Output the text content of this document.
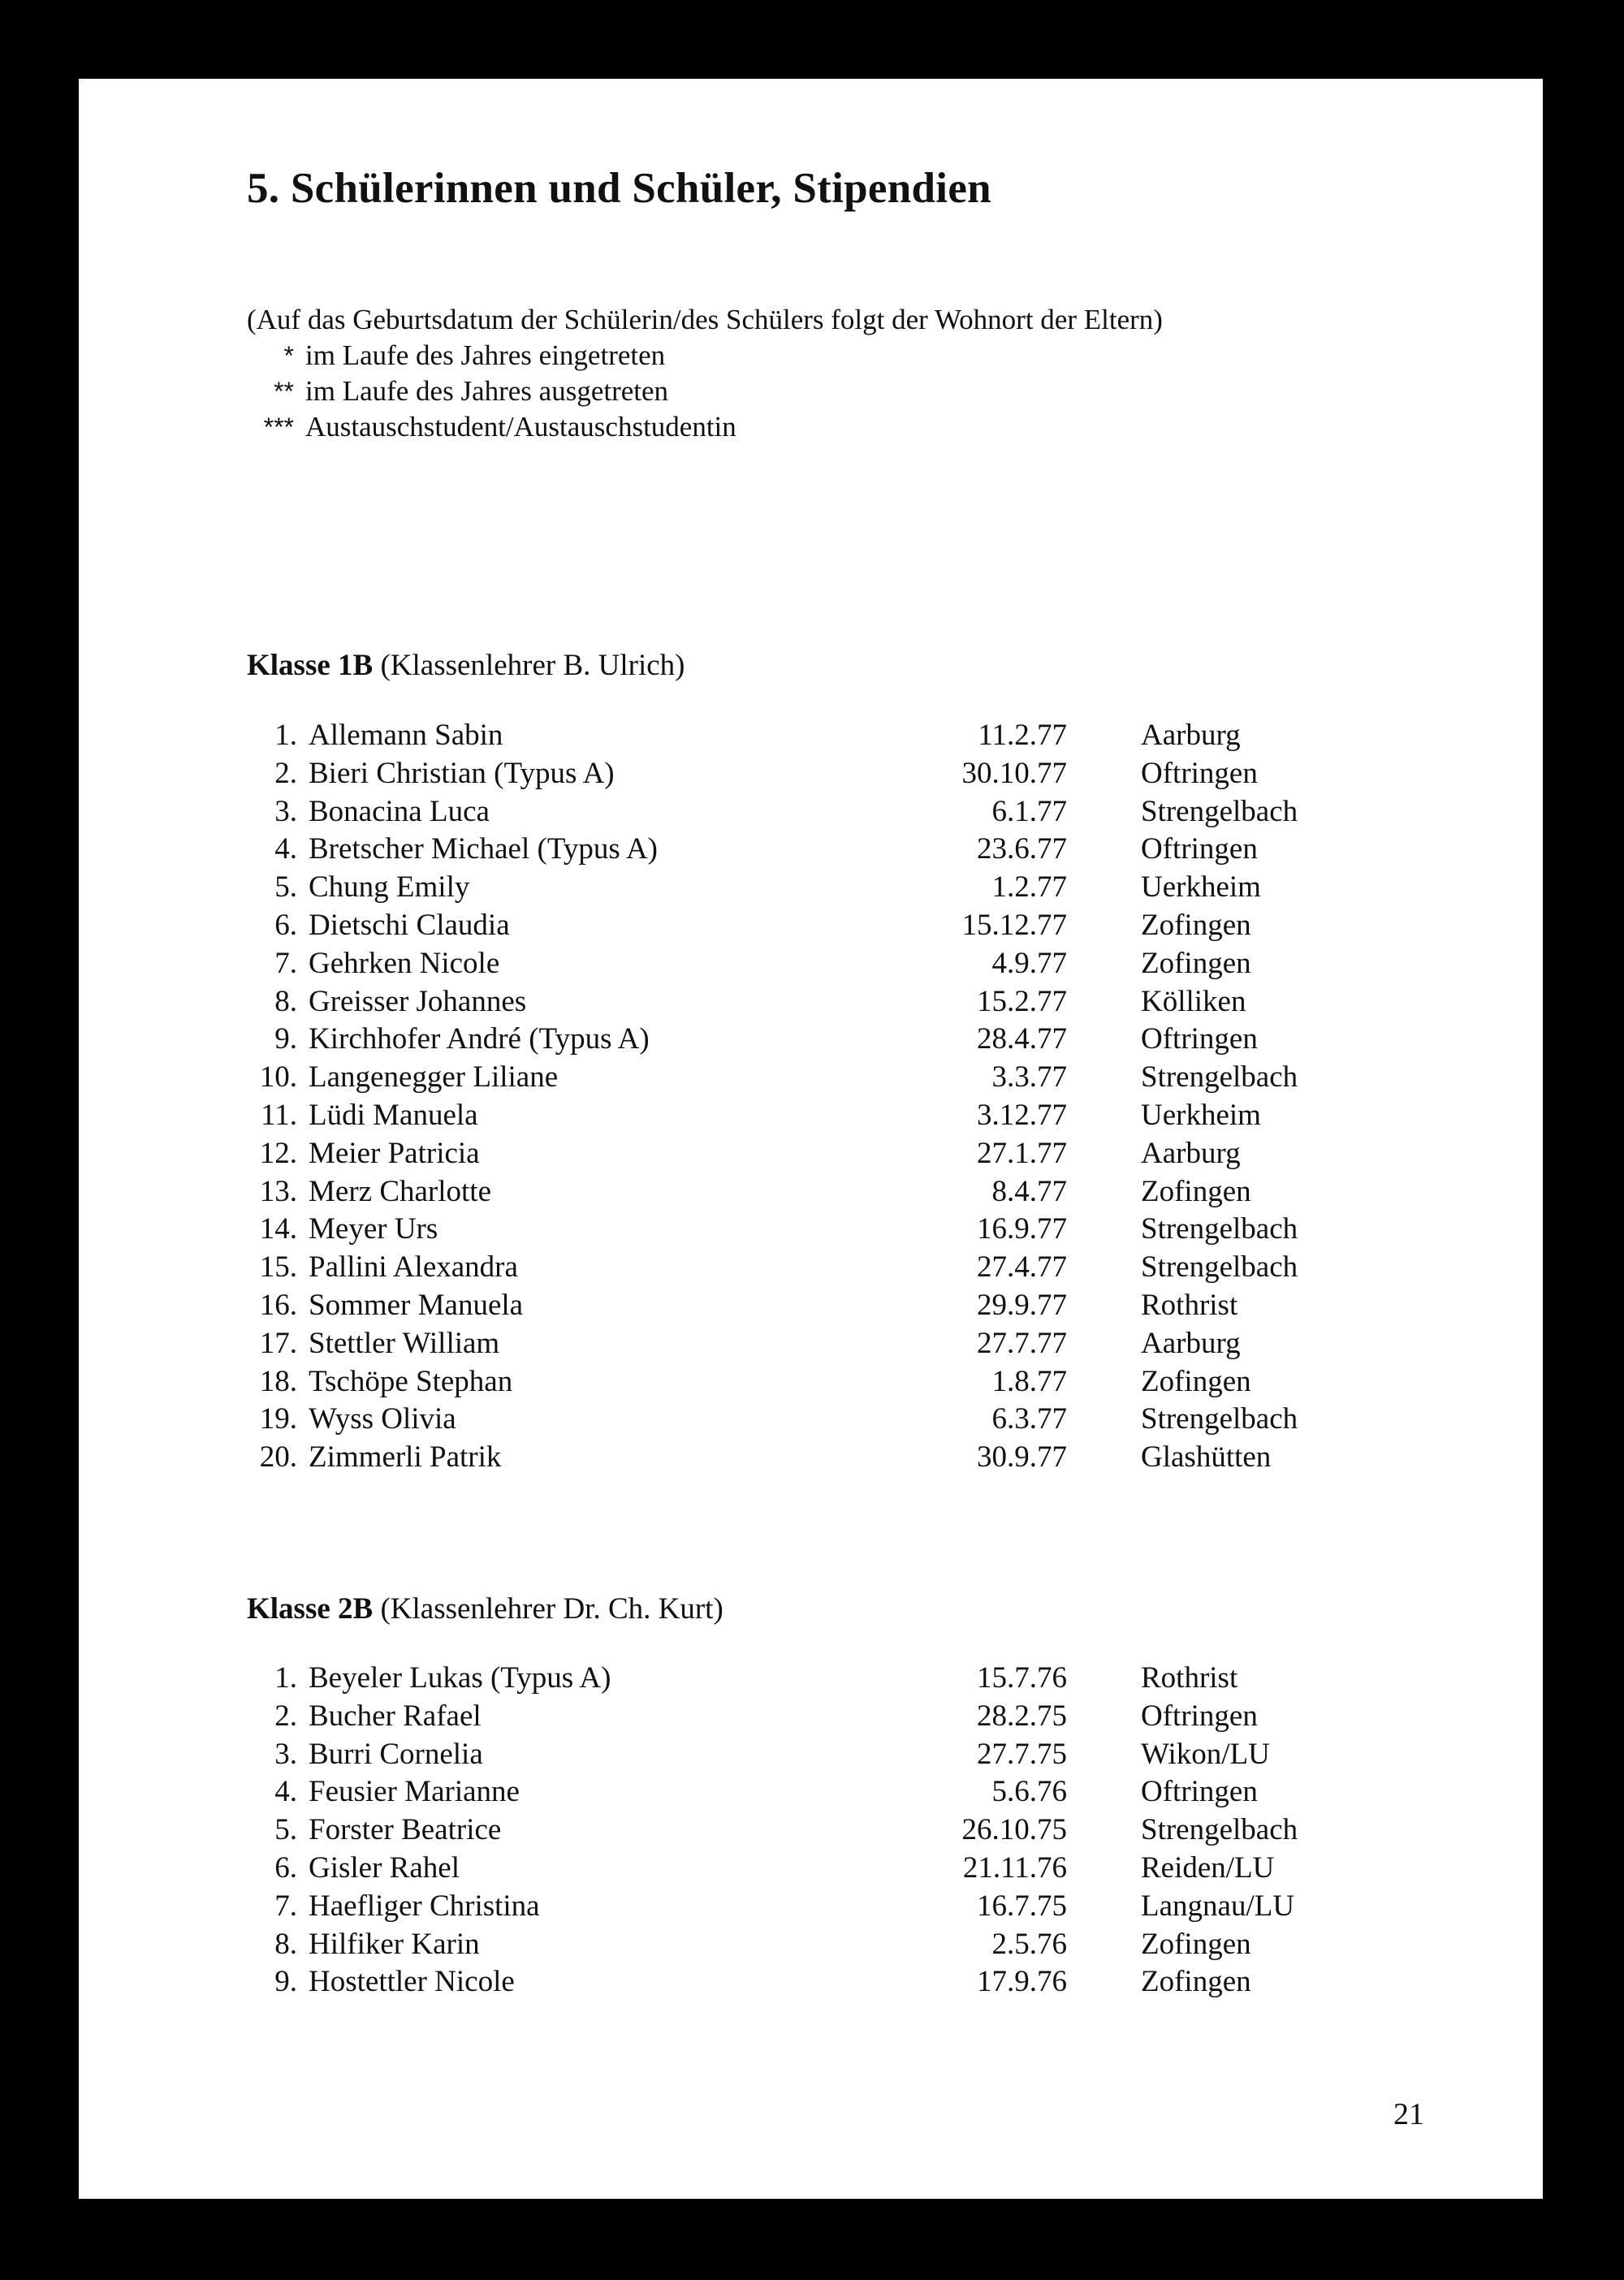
5. Schülerinnen und Schüler, Stipendien
(Auf das Geburtsdatum der Schülerin/des Schülers folgt der Wohnort der Eltern)
* im Laufe des Jahres eingetreten
** im Laufe des Jahres ausgetreten
*** Austauschstudent/Austauschstudentin
Klasse 1B (Klassenlehrer B. Ulrich)
1. Allemann Sabin	11.2.77 Aarburg
2. Bieri Christian (Typus A)	30.10.77 Oftringen
3. Bonacina Luca	6.1.77 Strengelbach
4. Bretscher Michael (Typus A)	23.6.77 Oftringen
5. Chung Emily	1.2.77 Uerkheim
6. Dietschi Claudia	15.12.77 Zofingen
7. Gehrken Nicole	4.9.77 Zofingen
8. Greisser Johannes	15.2.77 Kölliken
9. Kirchhofer André (Typus A)	28.4.77 Oftringen
10. Langenegger Liliane	3.3.77 Strengelbach
11. Lüdi Manuela	3.12.77 Uerkheim
12. Meier Patricia	27.1.77 Aarburg
13. Merz Charlotte	8.4.77 Zofingen
14. Meyer Urs	16.9.77 Strengelbach
15. Pallini Alexandra	27.4.77 Strengelbach
16. Sommer Manuela	29.9.77 Rothrist
17. Stettler William	27.7.77 Aarburg
18. Tschöpe Stephan	1.8.77 Zofingen
19. Wyss Olivia	6.3.77 Strengelbach
20. Zimmerli Patrik	30.9.77 Glashütten
Klasse 2B (Klassenlehrer Dr. Ch. Kurt)
1. Beyeler Lukas (Typus A)	15.7.76 Rothrist
2. Bucher Rafael	28.2.75 Oftringen
3. Burri Cornelia	27.7.75 Wikon/LU
4. Feusier Marianne	5.6.76 Oftringen
5. Forster Beatrice	26.10.75 Strengelbach
6. Gisler Rahel	21.11.76 Reiden/LU
7. Haefliger Christina	16.7.75 Langnau/LU
8. Hilfiker Karin	2.5.76 Zofingen
9. Hostettler Nicole	17.9.76 Zofingen
21
